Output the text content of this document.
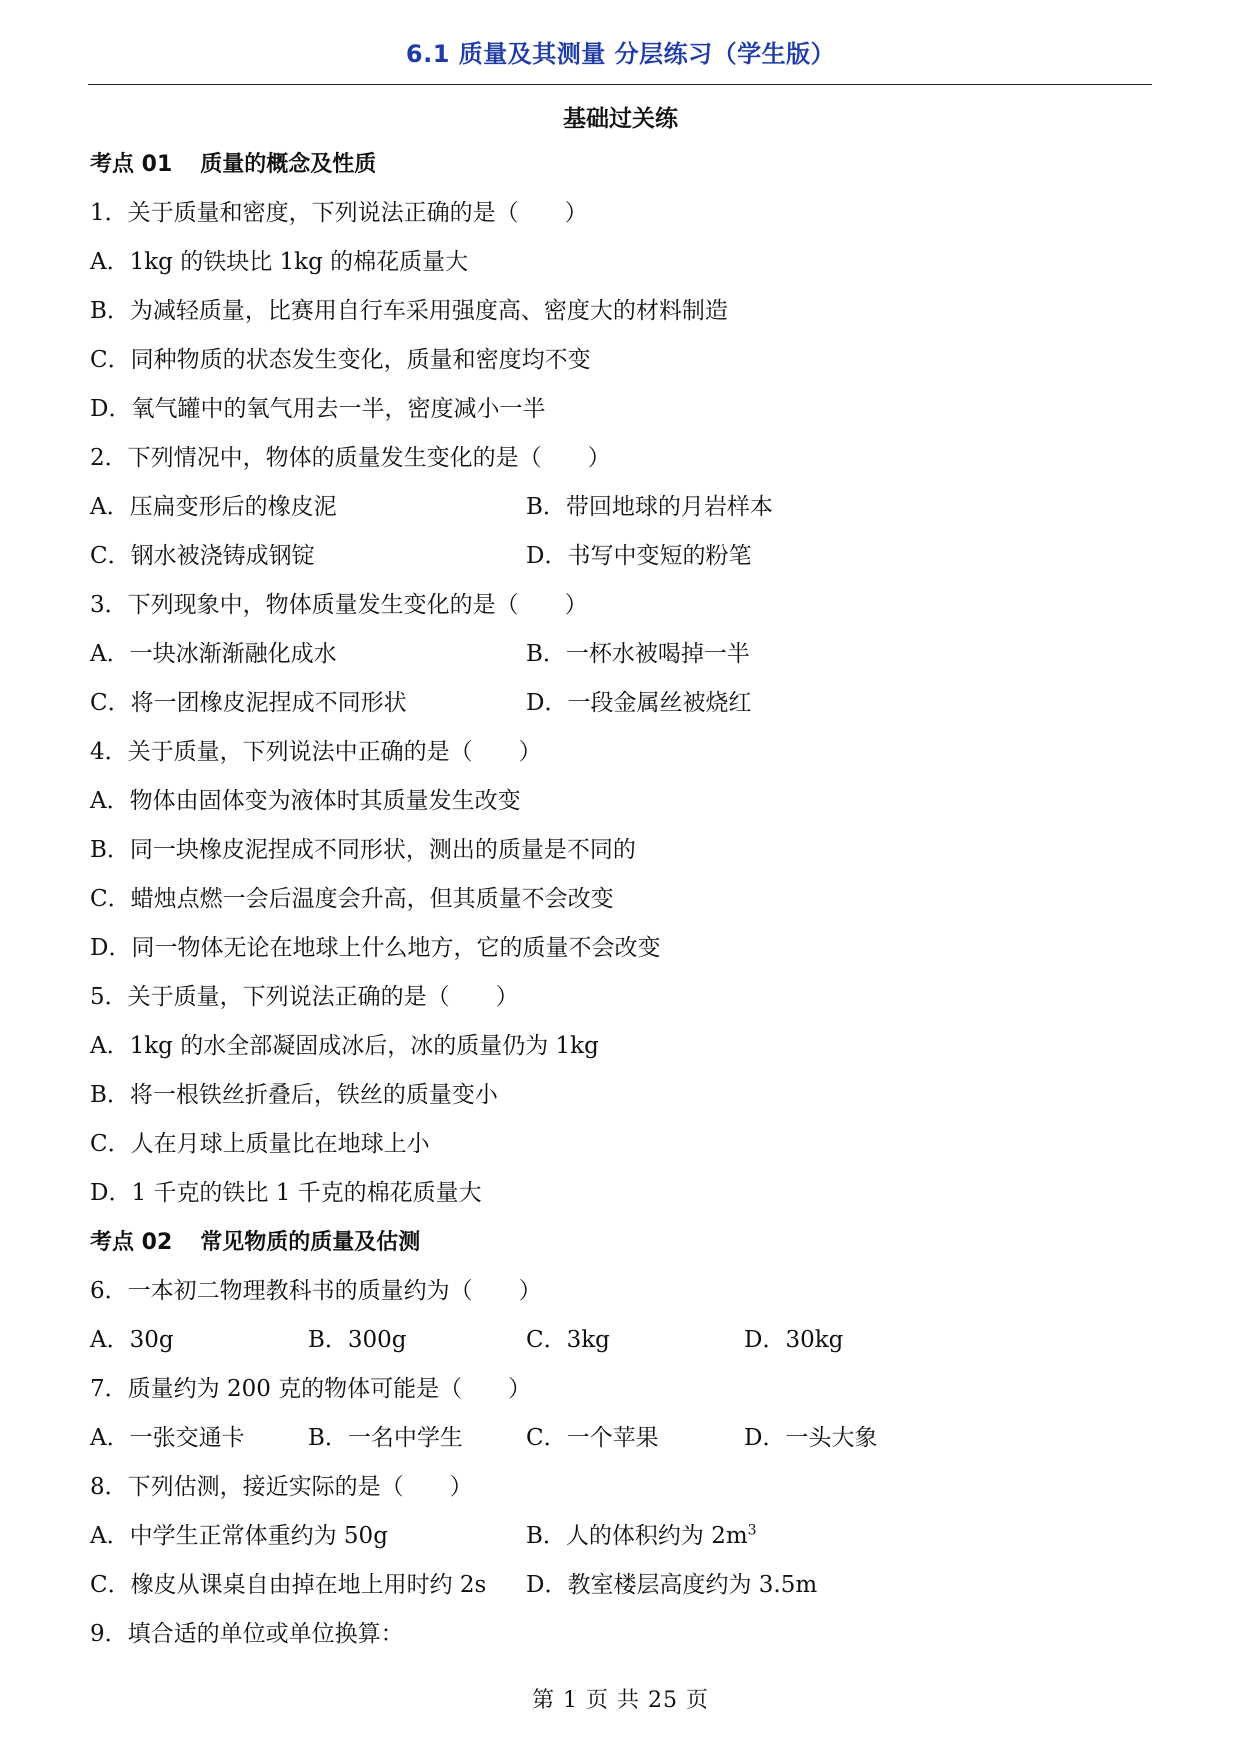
6.1 质量及其测量 分层练习（学生版）
基础过关练
考点 01 质量的概念及性质
1．关于质量和密度，下列说法正确的是（　　）
A．1kg 的铁块比 1kg 的棉花质量大
B．为减轻质量，比赛用自行车采用强度高、密度大的材料制造
C．同种物质的状态发生变化，质量和密度均不变
D．氧气罐中的氧气用去一半，密度减小一半
2．下列情况中，物体的质量发生变化的是（　　）
A．压扁变形后的橡皮泥	B．带回地球的月岩样本
C．钢水被浇铸成钢锭	D．书写中变短的粉笔
3．下列现象中，物体质量发生变化的是（　　）
A．一块冰渐渐融化成水	B．一杯水被喝掉一半
C．将一团橡皮泥捏成不同形状	D．一段金属丝被烧红
4．关于质量，下列说法中正确的是（　　）
A．物体由固体变为液体时其质量发生改变
B．同一块橡皮泥捏成不同形状，测出的质量是不同的
C．蜡烛点燃一会后温度会升高，但其质量不会改变
D．同一物体无论在地球上什么地方，它的质量不会改变
5．关于质量，下列说法正确的是（　　）
A．1kg 的水全部凝固成冰后，冰的质量仍为 1kg
B．将一根铁丝折叠后，铁丝的质量变小
C．人在月球上质量比在地球上小
D．1 千克的铁比 1 千克的棉花质量大
考点 02 常见物质的质量及估测
6．一本初二物理教科书的质量约为（　　）
A．30g	B．300g	C．3kg	D．30kg
7．质量约为 200 克的物体可能是（　　）
A．一张交通卡	B．一名中学生	C．一个苹果	D．一头大象
8．下列估测，接近实际的是（　　）
A．中学生正常体重约为 50g	B．人的体积约为 $2m^3$
C．橡皮从课桌自由掉在地上用时约 2s	D．教室楼层高度约为 3.5m
9．填合适的单位或单位换算：
第 1 页 共 25 页
